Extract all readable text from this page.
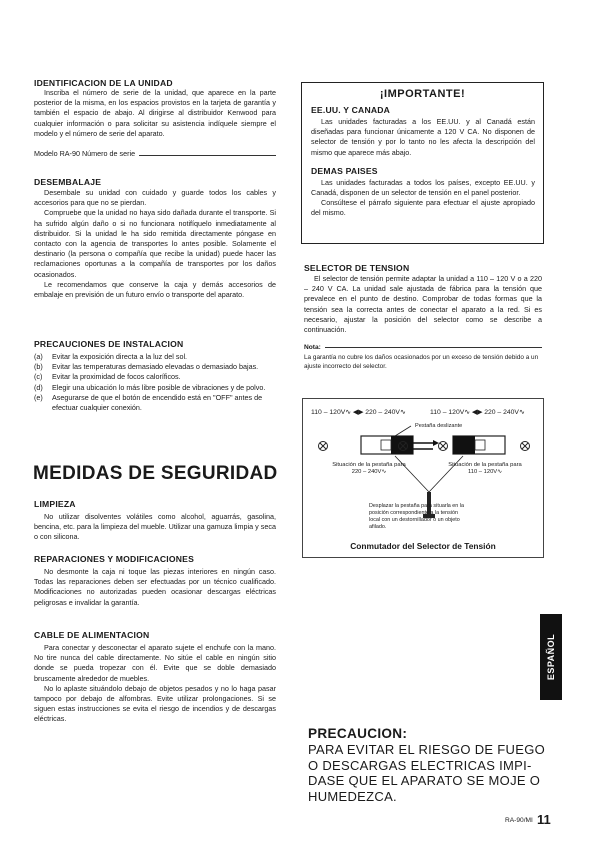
IDENTIFICACION DE LA UNIDAD

Inscriba el número de serie de la unidad, que aparece en la parte posterior de la misma, en los espacios provistos en la tarjeta de garantía y también el espacio de abajo. Al dirigirse al distribuidor Kenwood para cualquier información o para solicitar su asistencia indíquele siempre el modelo y el número de serie del aparato.

Modelo RA-90 Número de serie
DESEMBALAJE

Desembale su unidad con cuidado y guarde todos los cables y accesorios para que no se pierdan.

Compruebe que la unidad no haya sido dañada durante el transporte. Si ha sufrido algún daño o si no funcionara notifíquelo inmediatamente al distribuidor. Si la unidad le ha sido remitida directamente póngase en contacto con la agencia de transportes lo antes posible. Solamente el destinario (la persona o compañía que recibe la unidad) puede hacer las reclamaciones oportunas a la compañía de transportes por los daños ocasionados.

Le recomendamos que conserve la caja y demás accesorios de embalaje en previsión de un futuro envío o transporte del aparato.

PRECAUCIONES DE INSTALACION
(a)	Evitar la exposición directa a la luz del sol.
(b)	Evitar las temperaturas demasiado elevadas o demasiado bajas.
(c)	Evitar la proximidad de focos caloríficos.
(d)	Elegir una ubicación lo más libre posible de vibraciones y de polvo.
(e)	Asegurarse de que el botón de encendido está en "OFF" antes de efectuar cualquier conexión.
MEDIDAS DE SEGURIDAD
LIMPIEZA

No utilizar disolventes volátiles como alcohol, aguarrás, gasolina, bencina, etc. para la limpieza del mueble. Utilizar una gamuza limpia y seca o con silicona.

REPARACIONES Y MODIFICACIONES

No desmonte la caja ni toque las piezas interiores en ningún caso. Todas las reparaciones deben ser efectuadas por un técnico cualificado. Modificaciones no autorizadas pueden ocasionar descargas eléctricas peligrosas e invalidar la garantía.

CABLE DE ALIMENTACION

Para conectar y desconectar el aparato sujete el enchufe con la mano. No tire nunca del cable directamente. No sitúe el cable en ningún sitio donde se pueda tropezar con él. Evite que se doble demasiado bruscamente alrededor de muebles.

No lo aplaste situándolo debajo de objetos pesados y no lo haga pasar tampoco por debajo de alfombras. Evite utilizar prolongaciones. Si se siguen estas instrucciones se evita el riesgo de incendios y de descargas eléctricas.

¡IMPORTANTE!
EE.UU. Y CANADA

Las unidades facturadas a los EE.UU. y al Canadá están diseñadas para funcionar únicamente a 120 V CA. No disponen de selector de tensión y por lo tanto no les afecta la descripción del mismo que aparece más abajo.

DEMAS PAISES

Las unidades facturadas a todos los países, excepto EE.UU. y Canadá, disponen de un selector de tensión en el panel posterior.

Consúltese el párrafo siguiente para efectuar el ajuste apropiado del mismo.

SELECTOR DE TENSION

El selector de tensión permite adaptar la unidad a 110 – 120 V o a 220 – 240 V CA. La unidad sale ajustada de fábrica para la tensión que prevalece en el punto de destino. Comprobar de todas formas que la tensión sea la correcta antes de conectar el aparato a la red. Si es necesario, ajustar la posición del selector como se describe a continuación.

Nota:
La garantía no cubre los daños ocasionados por un exceso de tensión debido a un ajuste incorrecto del selector.
110 – 120V∿ ◀▶ 220 – 240V∿	110 – 120V∿ ◀▶ 220 – 240V∿
Pestaña deslizante
Situación de la pestaña para 220 – 240V∿
Situación de la pestaña para 110 – 120V∿
Desplazar la pestaña para situarla en la posición correspondiente a la tensión local con un destornillador o un objeto afilado.
Conmutador del Selector de Tensión
ESPAÑOL
PRECAUCION:
PARA EVITAR EL RIESGO DE FUEGO
O DESCARGAS ELECTRICAS IMPI-
DASE QUE EL APARATO SE MOJE O
HUMEDEZCA.
RA-90/MI 11
